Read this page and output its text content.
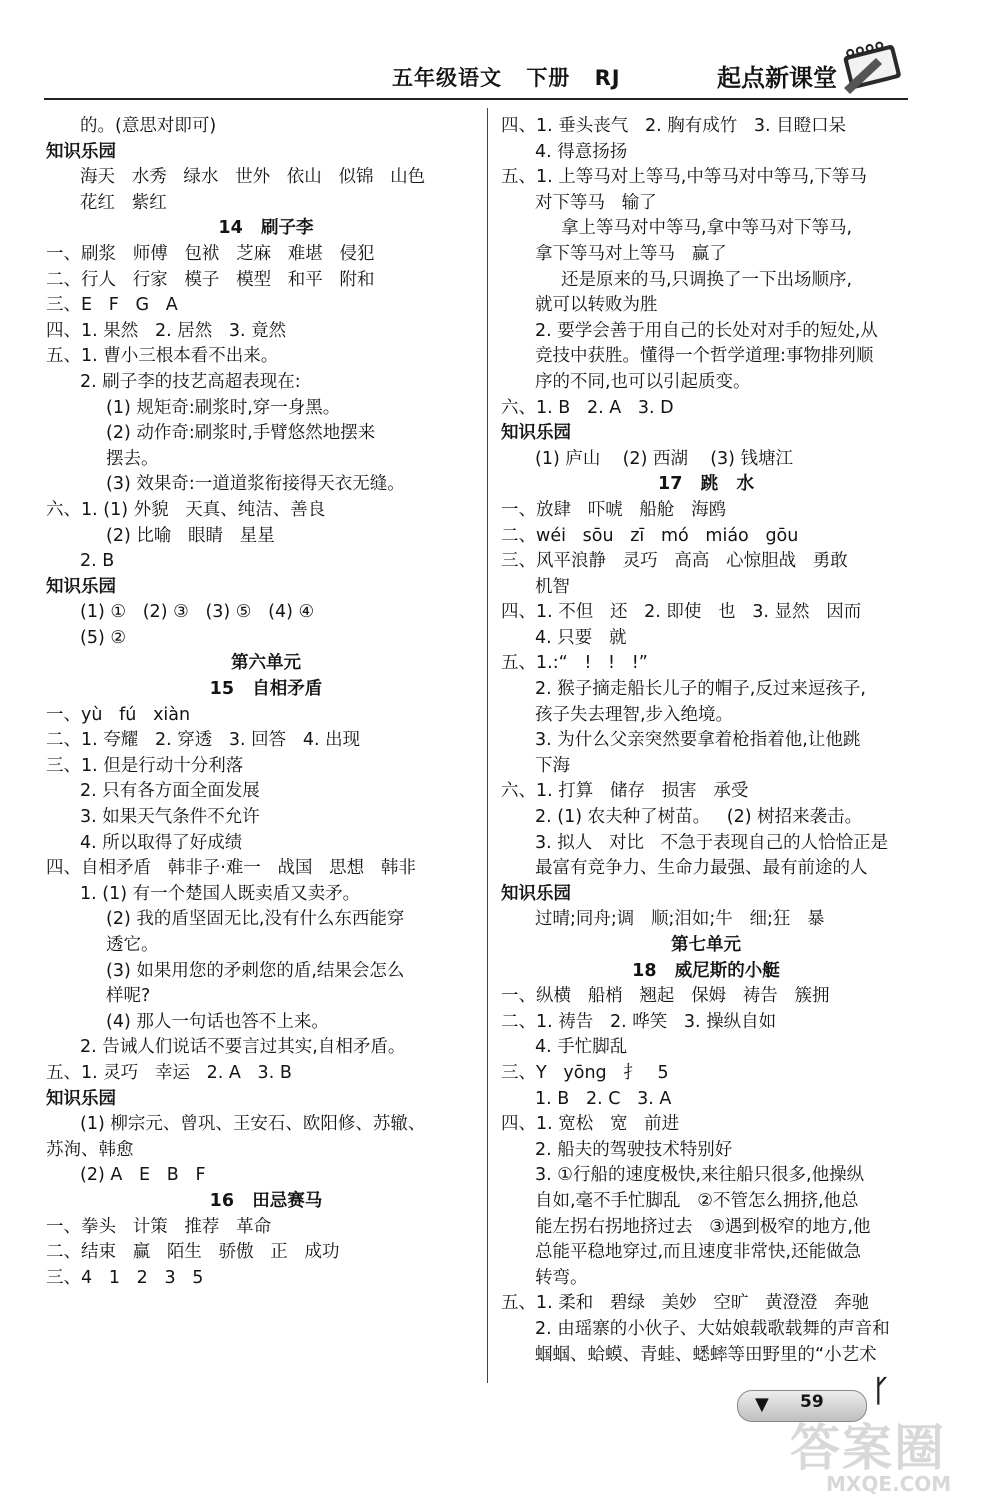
五年级语文 下册 RJ	起点新课堂
的。(意思对即可)
知识乐园
海天   水秀   绿水   世外   依山   似锦   山色
花红   紫红
14   刷子李
一、刷浆   师傅   包袱   芝麻   难堪   侵犯
二、行人   行家   模子   模型   和平   附和
三、E   F   G   A
四、1. 果然   2. 居然   3. 竟然
五、1. 曹小三根本看不出来。
2. 刷子李的技艺高超表现在:
(1) 规矩奇:刷浆时,穿一身黑。
(2) 动作奇:刷浆时,手臂悠然地摆来
摆去。
(3) 效果奇:一道道浆衔接得天衣无缝。
六、1. (1) 外貌   天真、纯洁、善良
(2) 比喻   眼睛   星星
2. B
知识乐园
(1) ①   (2) ③   (3) ⑤   (4) ④
(5) ②
第六单元
15   自相矛盾
一、yù   fú   xiàn
二、1. 夸耀   2. 穿透   3. 回答   4. 出现
三、1. 但是行动十分利落
2. 只有各方面全面发展
3. 如果天气条件不允许
4. 所以取得了好成绩
四、自相矛盾   韩非子·难一   战国   思想   韩非
1. (1) 有一个楚国人既卖盾又卖矛。
(2) 我的盾坚固无比,没有什么东西能穿
透它。
(3) 如果用您的矛刺您的盾,结果会怎么
样呢?
(4) 那人一句话也答不上来。
2. 告诫人们说话不要言过其实,自相矛盾。
五、1. 灵巧   幸运   2. A   3. B
知识乐园
(1) 柳宗元、曾巩、王安石、欧阳修、苏辙、
苏洵、韩愈
(2) A   E   B   F
16   田忌赛马
一、拳头   计策   推荐   革命
二、结束   赢   陌生   骄傲   正   成功
三、4   1   2   3   5
四、1. 垂头丧气   2. 胸有成竹   3. 目瞪口呆
4. 得意扬扬
五、1. 上等马对上等马,中等马对中等马,下等马
对下等马   输了
拿上等马对中等马,拿中等马对下等马,
拿下等马对上等马   赢了
还是原来的马,只调换了一下出场顺序,
就可以转败为胜
2. 要学会善于用自己的长处对对手的短处,从
竞技中获胜。懂得一个哲学道理:事物排列顺
序的不同,也可以引起质变。
六、1. B   2. A   3. D
知识乐园
(1) 庐山    (2) 西湖    (3) 钱塘江
17   跳   水
一、放肆   吓唬   船舱   海鸥
二、wéi   sōu   zī   mó   miáo   gōu
三、风平浪静   灵巧   高高   心惊胆战   勇敢
机智
四、1. 不但   还   2. 即使   也   3. 显然   因而
4. 只要   就
五、1.:“   !   !   !”
2. 猴子摘走船长儿子的帽子,反过来逗孩子,
孩子失去理智,步入绝境。
3. 为什么父亲突然要拿着枪指着他,让他跳
下海
六、1. 打算   储存   损害   承受
2. (1) 农夫种了树苗。   (2) 树招来袭击。
3. 拟人   对比   不急于表现自己的人恰恰正是
最富有竞争力、生命力最强、最有前途的人
知识乐园
过晴;同舟;调   顺;泪如;牛   细;狂   暴
第七单元
18   威尼斯的小艇
一、纵横   船梢   翘起   保姆   祷告   簇拥
二、1. 祷告   2. 哗笑   3. 操纵自如
4. 手忙脚乱
三、Y   yōng   扌   5
1. B   2. C   3. A
四、1. 宽松   宽   前进
2. 船夫的驾驶技术特别好
3. ①行船的速度极快,来往船只很多,他操纵
自如,毫不手忙脚乱   ②不管怎么拥挤,他总
能左拐右拐地挤过去   ③遇到极窄的地方,他
总能平稳地穿过,而且速度非常快,还能做急
转弯。
五、1. 柔和   碧绿   美妙   空旷   黄澄澄   奔驰
2. 由瑶寨的小伙子、大姑娘载歌载舞的声音和
蝈蝈、蛤蟆、青蛙、蟋蟀等田野里的“小艺术
▼ 59 ᚴ
答案圈
MXQE.COM
